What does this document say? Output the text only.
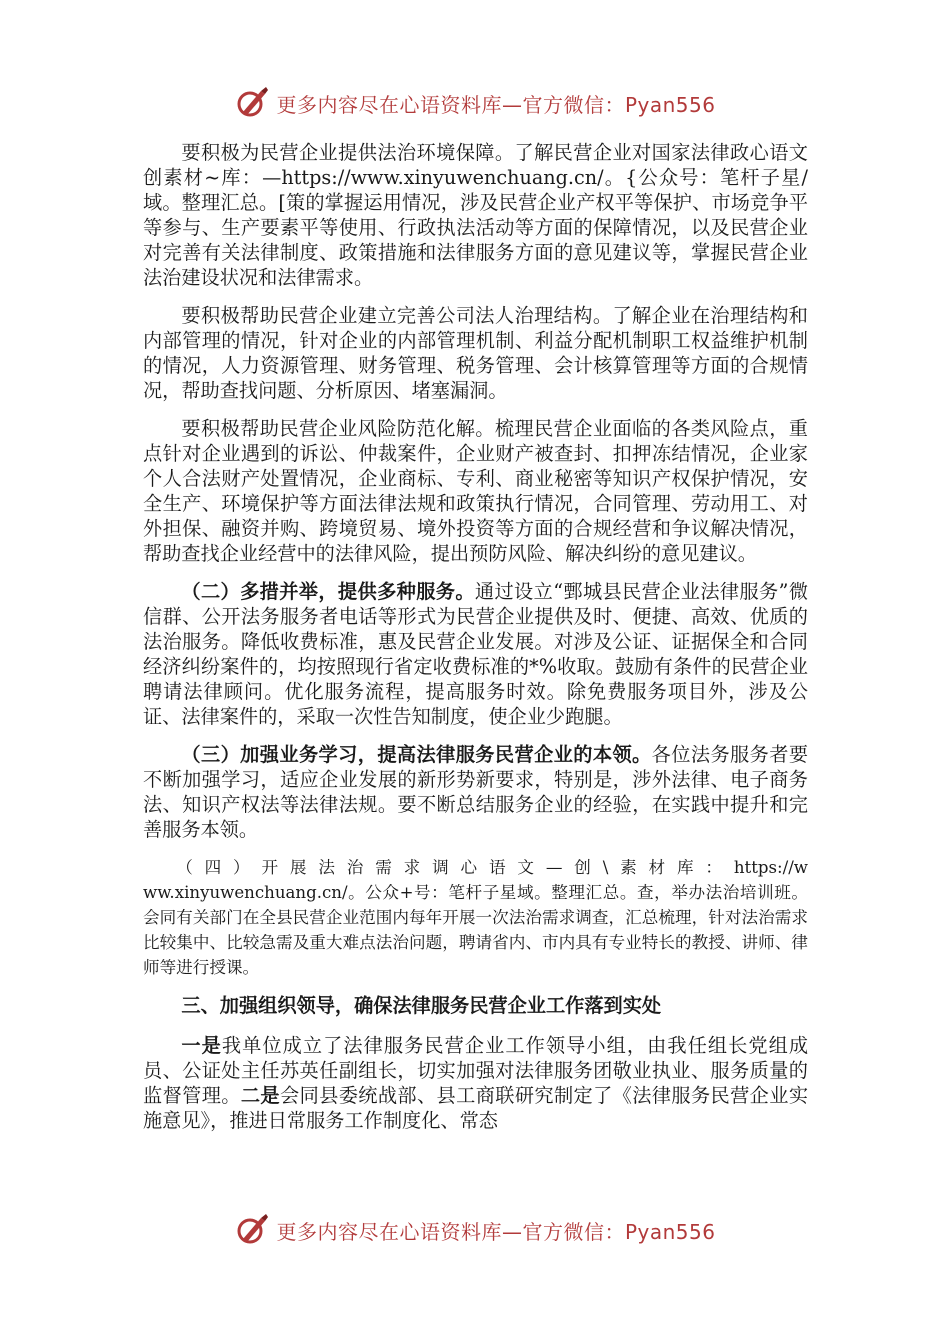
更多内容尽在心语资料库—官方微信：Pyan556

要积极为民营企业提供法治环境保障。了解民营企业对国家法律政心语文创素材~库：—https://www.xinyuwenchuang.cn/。{公众号：笔杆子星/域。整理汇总。[策的掌握运用情况，涉及民营企业产权平等保护、市场竞争平等参与、生产要素平等使用、行政执法活动等方面的保障情况，以及民营企业对完善有关法律制度、政策措施和法律服务方面的意见建议等，掌握民营企业法治建设状况和法律需求。

要积极帮助民营企业建立完善公司法人治理结构。了解企业在治理结构和内部管理的情况，针对企业的内部管理机制、利益分配机制职工权益维护机制的情况，人力资源管理、财务管理、税务管理、会计核算管理等方面的合规情况，帮助查找问题、分析原因、堵塞漏洞。

要积极帮助民营企业风险防范化解。梳理民营企业面临的各类风险点，重点针对企业遇到的诉讼、仲裁案件，企业财产被查封、扣押冻结情况，企业家个人合法财产处置情况，企业商标、专利、商业秘密等知识产权保护情况，安全生产、环境保护等方面法律法规和政策执行情况，合同管理、劳动用工、对外担保、融资并购、跨境贸易、境外投资等方面的合规经营和争议解决情况，帮助查找企业经营中的法律风险，提出预防风险、解决纠纷的意见建议。

（二）多措并举，提供多种服务。通过设立“鄄城县民营企业法律服务”微信群、公开法务服务者电话等形式为民营企业提供及时、便捷、高效、优质的法治服务。降低收费标准，惠及民营企业发展。对涉及公证、证据保全和合同经济纠纷案件的，均按照现行省定收费标准的*%收取。鼓励有条件的民营企业聘请法律顾问。优化服务流程，提高服务时效。除免费服务项目外，涉及公证、法律案件的，采取一次性告知制度，使企业少跑腿。

（三）加强业务学习，提高法律服务民营企业的本领。各位法务服务者要不断加强学习，适应企业发展的新形势新要求，特别是，涉外法律、电子商务法、知识产权法等法律法规。要不断总结服务企业的经验，在实践中提升和完善服务本领。

（四）开展法治需求调心语文—创\素材库：https://www.xinyuwenchuang.cn/。公众+号：笔杆子星域。整理汇总。查，举办法治培训班。会同有关部门在全县民营企业范围内每年开展一次法治需求调查，汇总梳理，针对法治需求比较集中、比较急需及重大难点法治问题，聘请省内、市内具有专业特长的教授、讲师、律师等进行授课。

三、加强组织领导，确保法律服务民营企业工作落到实处

一是我单位成立了法律服务民营企业工作领导小组，由我任组长党组成员、公证处主任苏英任副组长，切实加强对法律服务团敬业执业、服务质量的监督管理。二是会同县委统战部、县工商联研究制定了《法律服务民营企业实施意见》，推进日常服务工作制度化、常态

更多内容尽在心语资料库—官方微信：Pyan556
